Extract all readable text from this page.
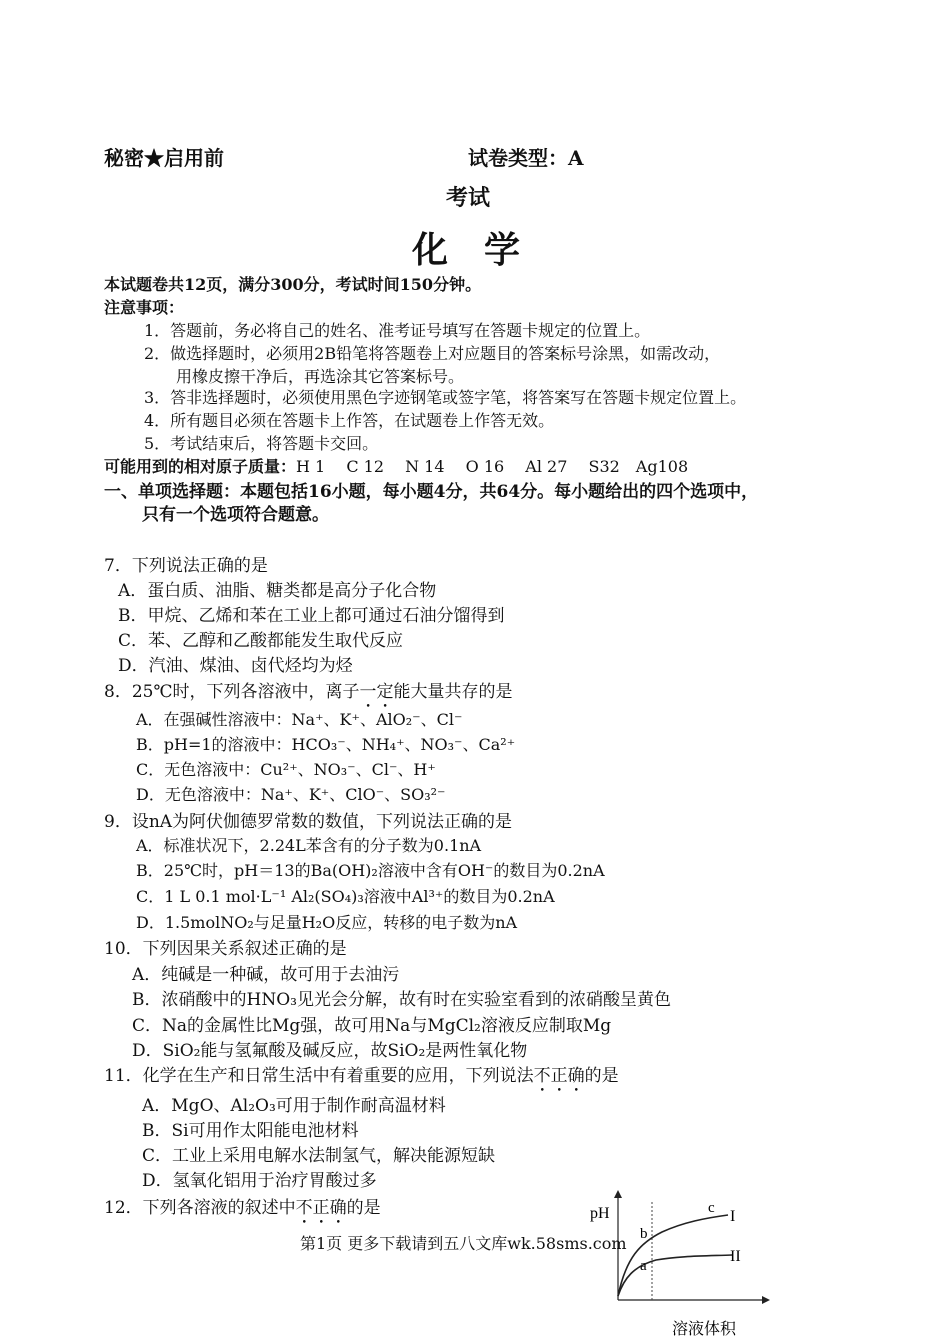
秘密★启用前	试卷类型：A
考试
化　学
本试题卷共12页，满分300分，考试时间150分钟。
注意事项：
1．答题前，务必将自己的姓名、准考证号填写在答题卡规定的位置上。
2．做选择题时，必须用2B铅笔将答题卷上对应题目的答案标号涂黑，如需改动，
用橡皮擦干净后，再选涂其它答案标号。
3．答非选择题时，必须使用黑色字迹钢笔或签字笔，将答案写在答题卡规定位置上。
4．所有题目必须在答题卡上作答，在试题卷上作答无效。
5．考试结束后，将答题卡交回。
可能用到的相对原子质量：H 1　 C 12　 N 14　 O 16　 Al 27　 S32　Ag108
一、单项选择题：本题包括16小题，每小题4分，共64分。每小题给出的四个选项中，
只有一个选项符合题意。
7．下列说法正确的是
A．蛋白质、油脂、糖类都是高分子化合物
B．甲烷、乙烯和苯在工业上都可通过石油分馏得到
C．苯、乙醇和乙酸都能发生取代反应
D．汽油、煤油、卤代烃均为烃
8．25℃时，下列各溶液中，离子一定能大量共存的是
A．在强碱性溶液中：Na⁺、K⁺、AlO₂⁻、Cl⁻
B．pH=1的溶液中：HCO₃⁻、NH₄⁺、NO₃⁻、Ca²⁺
C．无色溶液中：Cu²⁺、NO₃⁻、Cl⁻、H⁺
D．无色溶液中：Na⁺、K⁺、ClO⁻、SO₃²⁻
9．设nA为阿伏伽德罗常数的数值，下列说法正确的是
A．标准状况下，2.24L苯含有的分子数为0.1nA
B．25℃时，pH＝13的Ba(OH)₂溶液中含有OH⁻的数目为0.2nA
C．1 L 0.1 mol·L⁻¹ Al₂(SO₄)₃溶液中Al³⁺的数目为0.2nA
D．1.5molNO₂与足量H₂O反应，转移的电子数为nA
10．下列因果关系叙述正确的是
A．纯碱是一种碱，故可用于去油污
B．浓硝酸中的HNO₃见光会分解，故有时在实验室看到的浓硝酸呈黄色
C．Na的金属性比Mg强，故可用Na与MgCl₂溶液反应制取Mg
D．SiO₂能与氢氟酸及碱反应，故SiO₂是两性氧化物
11．化学在生产和日常生活中有着重要的应用，下列说法不正确的是
A．MgO、Al₂O₃可用于制作耐高温材料
B．Si可用作太阳能电池材料
C．工业上采用电解水法制氢气，解决能源短缺
D．氢氧化铝用于治疗胃酸过多
12．下列各溶液的叙述中不正确的是	pH
溶液体积
I
II
c
b
a
第1页 更多下载请到五八文库wk.58sms.com
